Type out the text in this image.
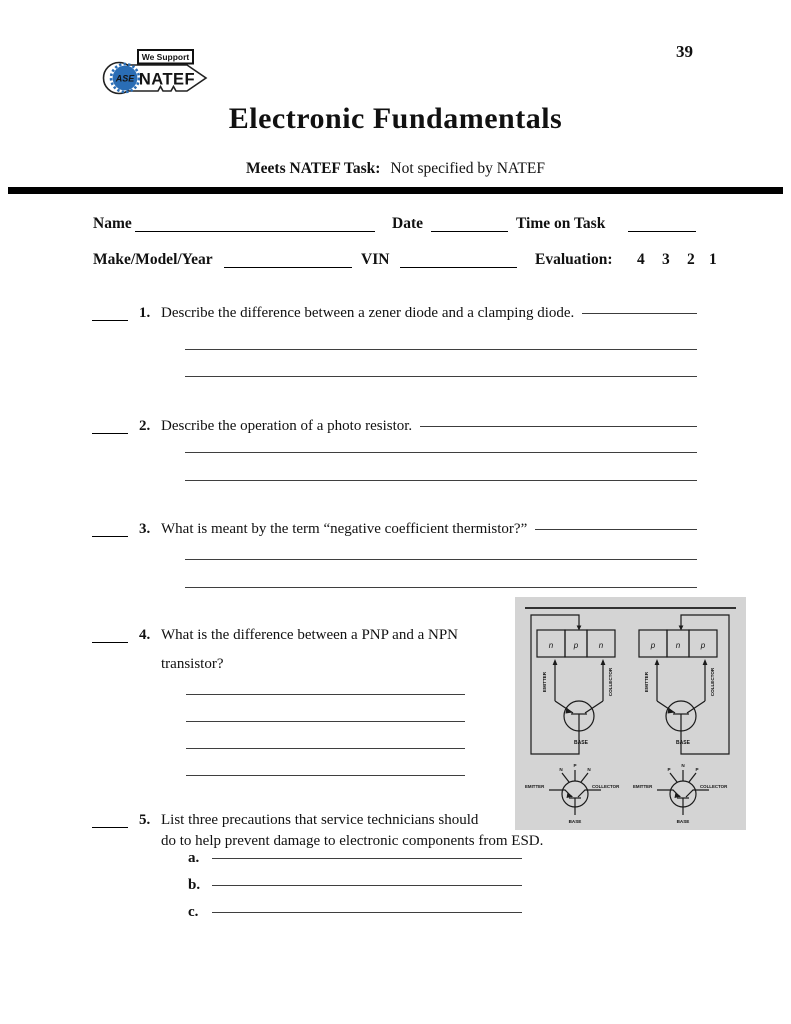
39
ASE
We Support
NATEF
Electronic Fundamentals
Meets NATEF Task: Not specified by NATEF
Name	Date	Time on Task
Make/Model/Year	VIN	Evaluation: 4 3 2 1
1. Describe the difference between a zener diode and a clamping diode.
2. Describe the operation of a photo resistor.
3. What is meant by the term “negative coefficient thermistor?”
4. What is the difference between a PNP and a NPN
transistor?
n	p	n
EMITTER	COLLECTOR
BASE
p	n	p
EMITTER	COLLECTOR
BASE
N
P
N
EMITTER	COLLECTOR
BASE
P
N
P
EMITTER	COLLECTOR
BASE
5. List three precautions that service technicians should
do to help prevent damage to electronic components from ESD.
a.
b.
c.
